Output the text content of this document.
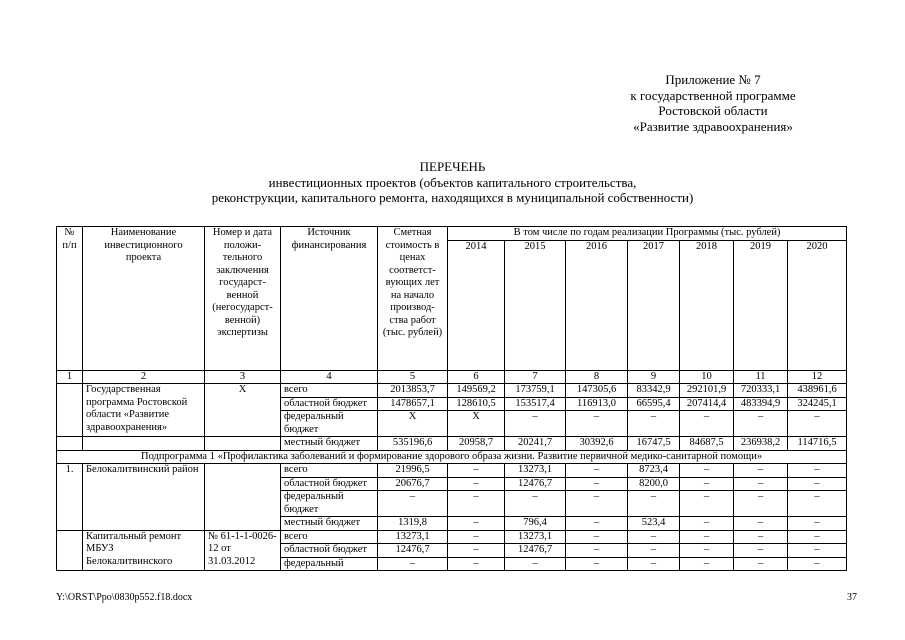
Приложение № 7
к государственной программе
Ростовской области
«Развитие здравоохранения»
ПЕРЕЧЕНЬ
инвестиционных проектов (объектов капитального строительства,
реконструкции, капитального ремонта, находящихся в муниципальной собственности)
№ п/п	Наименование инвестиционного проекта	Номер и дата положи-тельного заключения государст-венной (негосударст-венной) экспертизы	Источник финансирования	Сметная стоимость в ценах соответст-вующих лет на начало производ-ства работ (тыс. рублей)	В том числе по годам реализации Программы (тыс. рублей)						
					2014	2015	2016	2017	2018	2019	2020
1	2	3	4	5	6	7	8	9	10	11	12
	Государственная программа Ростовской области «Развитие здравоохранения»	Х	всего	2013853,7	149569,2	173759,1	147305,6	83342,9	292101,9	720333,1	438961,6
			областной бюджет	1478657,1	128610,5	153517,4	116913,0	66595,4	207414,4	483394,9	324245,1
			федеральный бюджет	Х	Х	–	–	–	–	–	–
			местный бюджет	535196,6	20958,7	20241,7	30392,6	16747,5	84687,5	236938,2	114716,5
Подпрограмма 1 «Профилактика заболеваний и формирование здорового образа жизни. Развитие первичной медико-санитарной помощи»											
1.	Белокалитвинский район		всего	21996,5	–	13273,1	–	8723,4	–	–	–
			областной бюджет	20676,7	–	12476,7	–	8200,0	–	–	–
			федеральный бюджет	–	–	–	–	–	–	–	–
			местный бюджет	1319,8	–	796,4	–	523,4	–	–	–
	Капитальный ремонт МБУЗ Белокалитвинского	№ 61-1-1-0026-12 от 31.03.2012	всего	13273,1	–	13273,1	–	–	–	–	–
			областной бюджет	12476,7	–	12476,7	–	–	–	–	–
			федеральный	–	–	–	–	–	–	–	–
Y:\ORST\Ppo\0830p552.f18.docx	37
